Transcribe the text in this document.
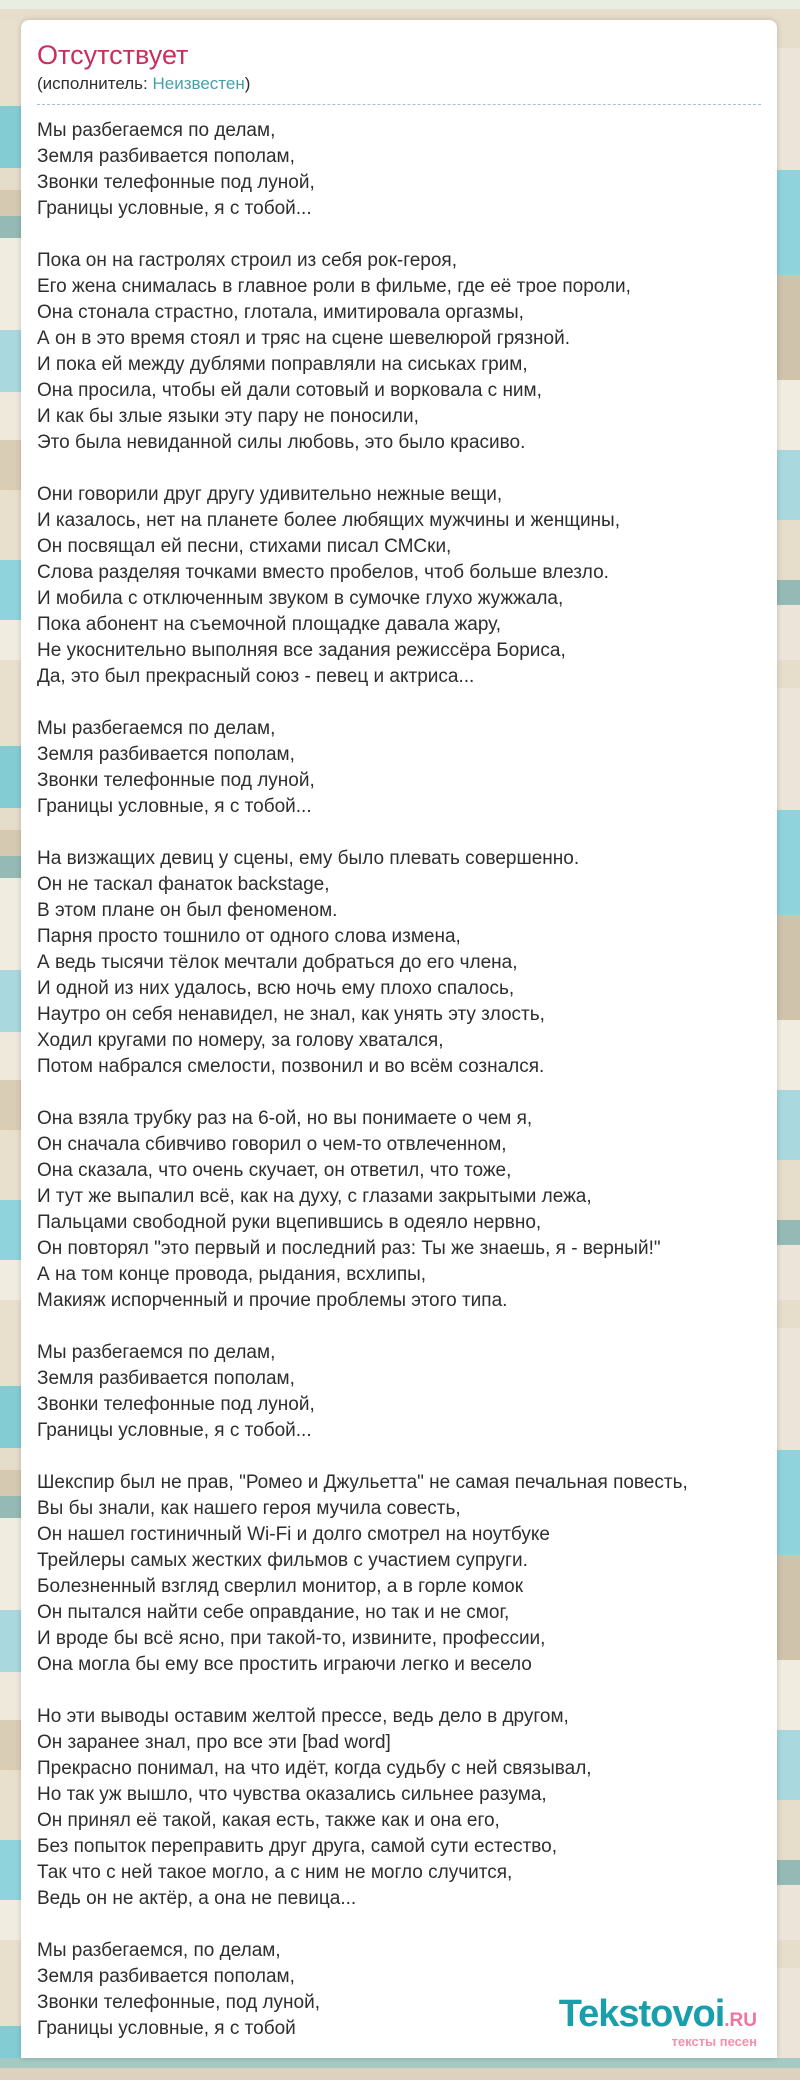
Отсутствует
(исполнитель: Неизвестен)

Мы разбегаемся по делам,
Земля разбивается пополам,
Звонки телефонные под луной,
Границы условные, я с тобой...

Пока он на гастролях строил из себя рок-героя,
Его жена снималась в главное роли в фильме, где её трое пороли,
Она стонала страстно, глотала, имитировала оргазмы,
А он в это время стоял и тряс на сцене шевелюрой грязной.
И пока ей между дублями поправляли на сиськах грим,
Она просила, чтобы ей дали сотовый и ворковала с ним,
И как бы злые языки эту пару не поносили,
Это была невиданной силы любовь, это было красиво.

Они говорили друг другу удивительно нежные вещи,
И казалось, нет на планете более любящих мужчины и женщины,
Он посвящал ей песни, стихами писал СМСки,
Слова разделяя точками вместо пробелов, чтоб больше влезло.
И мобила с отключенным звуком в сумочке глухо жужжала,
Пока абонент на съемочной площадке давала жару,
Не укоснительно выполняя все задания режиссёра Бориса,
Да, это был прекрасный союз - певец и актриса...

Мы разбегаемся по делам,
Земля разбивается пополам,
Звонки телефонные под луной,
Границы условные, я с тобой...

На визжащих девиц у сцены, ему было плевать совершенно.
Он не таскал фанаток backstage,
В этом плане он был феноменом.
Парня просто тошнило от одного слова измена,
А ведь тысячи тёлок мечтали добраться до его члена,
И одной из них удалось, всю ночь ему плохо спалось,
Наутро он себя ненавидел, не знал, как унять эту злость,
Ходил кругами по номеру, за голову хватался,
Потом набрался смелости, позвонил и во всём сознался.

Она взяла трубку раз на 6-ой, но вы понимаете о чем я,
Он сначала сбивчиво говорил о чем-то отвлеченном,
Она сказала, что очень скучает, он ответил, что тоже,
И тут же выпалил всё, как на духу, с глазами закрытыми лежа,
Пальцами свободной руки вцепившись в одеяло нервно,
Он повторял "это первый и последний раз: Ты же знаешь, я - верный!"
А на том конце провода, рыдания, всхлипы,
Макияж испорченный и прочие проблемы этого типа.

Мы разбегаемся по делам,
Земля разбивается пополам,
Звонки телефонные под луной,
Границы условные, я с тобой...

Шекспир был не прав, "Ромео и Джульетта" не самая печальная повесть,
Вы бы знали, как нашего героя мучила совесть,
Он нашел гостиничный Wi-Fi и долго смотрел на ноутбуке
Трейлеры самых жестких фильмов с участием супруги.
Болезненный взгляд сверлил монитор, а в горле комок
Он пытался найти себе оправдание, но так и не смог,
И вроде бы всё ясно, при такой-то, извините, профессии,
Она могла бы ему все простить играючи легко и весело

Но эти выводы оставим желтой прессе, ведь дело в другом,
Он заранее знал, про все эти [bad word]
Прекрасно понимал, на что идёт, когда судьбу с ней связывал,
Но так уж вышло, что чувства оказались сильнее разума,
Он принял её такой, какая есть, также как и она его,
Без попыток переправить друг друга, самой сути естество,
Так что с ней такое могло, а с ним не могло случится,
Ведь он не актёр, а она не певица...

Мы разбегаемся, по делам,
Земля разбивается пополам,
Звонки телефонные, под луной,
Границы условные, я с тобой	Tekstovoi.RU
тексты песен
